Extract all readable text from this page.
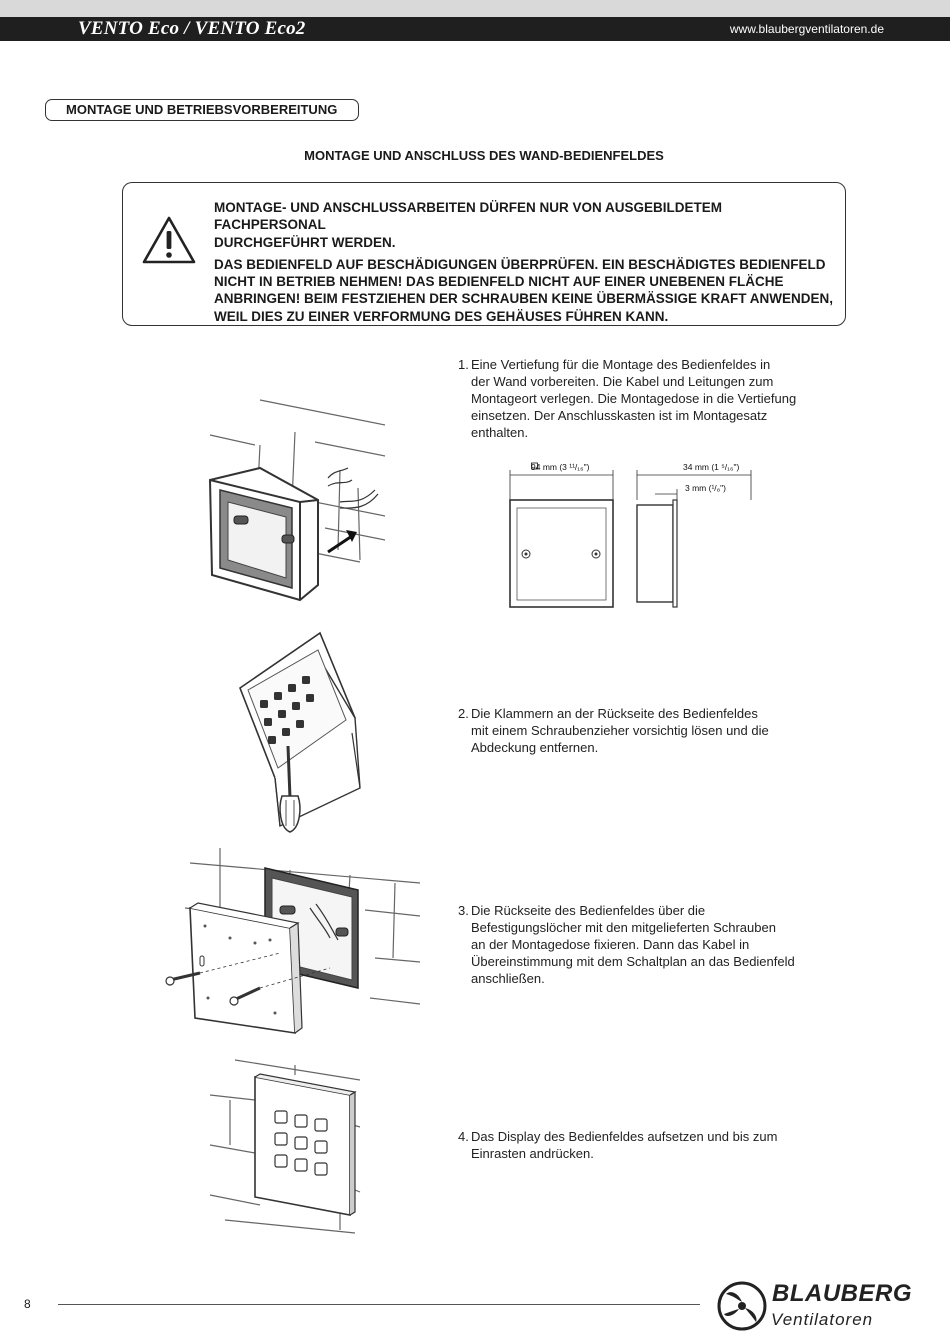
VENTO Eco / VENTO Eco2	www.blaubergventilatoren.de
MONTAGE UND BETRIEBSVORBEREITUNG
MONTAGE UND ANSCHLUSS DES WAND-BEDIENFELDES

MONTAGE- UND ANSCHLUSSARBEITEN DÜRFEN NUR VON AUSGEBILDETEM FACHPERSONAL
DURCHGEFÜHRT WERDEN.

DAS BEDIENFELD AUF BESCHÄDIGUNGEN ÜBERPRÜFEN. EIN BESCHÄDIGTES BEDIENFELD
NICHT IN BETRIEB NEHMEN! DAS BEDIENFELD NICHT AUF EINER UNEBENEN FLÄCHE
ANBRINGEN! BEIM FESTZIEHEN DER SCHRAUBEN KEINE ÜBERMÄSSIGE KRAFT ANWENDEN,
WEIL DIES ZU EINER VERFORMUNG DES GEHÄUSES FÜHREN KANN.

1. Eine Vertiefung für die Montage des Bedienfeldes in
der Wand vorbereiten. Die Kabel und Leitungen zum
Montageort verlegen. Die Montagedose in die Vertiefung
einsetzen. Der Anschlusskasten ist im Montagesatz
enthalten.
94 mm (3 ¹¹/₁₆")	34 mm (1 ⁵/₁₆")
3 mm (¹/₈")
2. Die Klammern an der Rückseite des Bedienfeldes
mit einem Schraubenzieher vorsichtig lösen und die
Abdeckung entfernen.
3. Die Rückseite des Bedienfeldes über die
Befestigungslöcher mit den mitgelieferten Schrauben
an der Montagedose fixieren. Dann das Kabel in
Übereinstimmung mit dem Schaltplan an das Bedienfeld
anschließen.
4. Das Display des Bedienfeldes aufsetzen und bis zum
Einrasten andrücken.
8	BLAUBERG
Ventilatoren
